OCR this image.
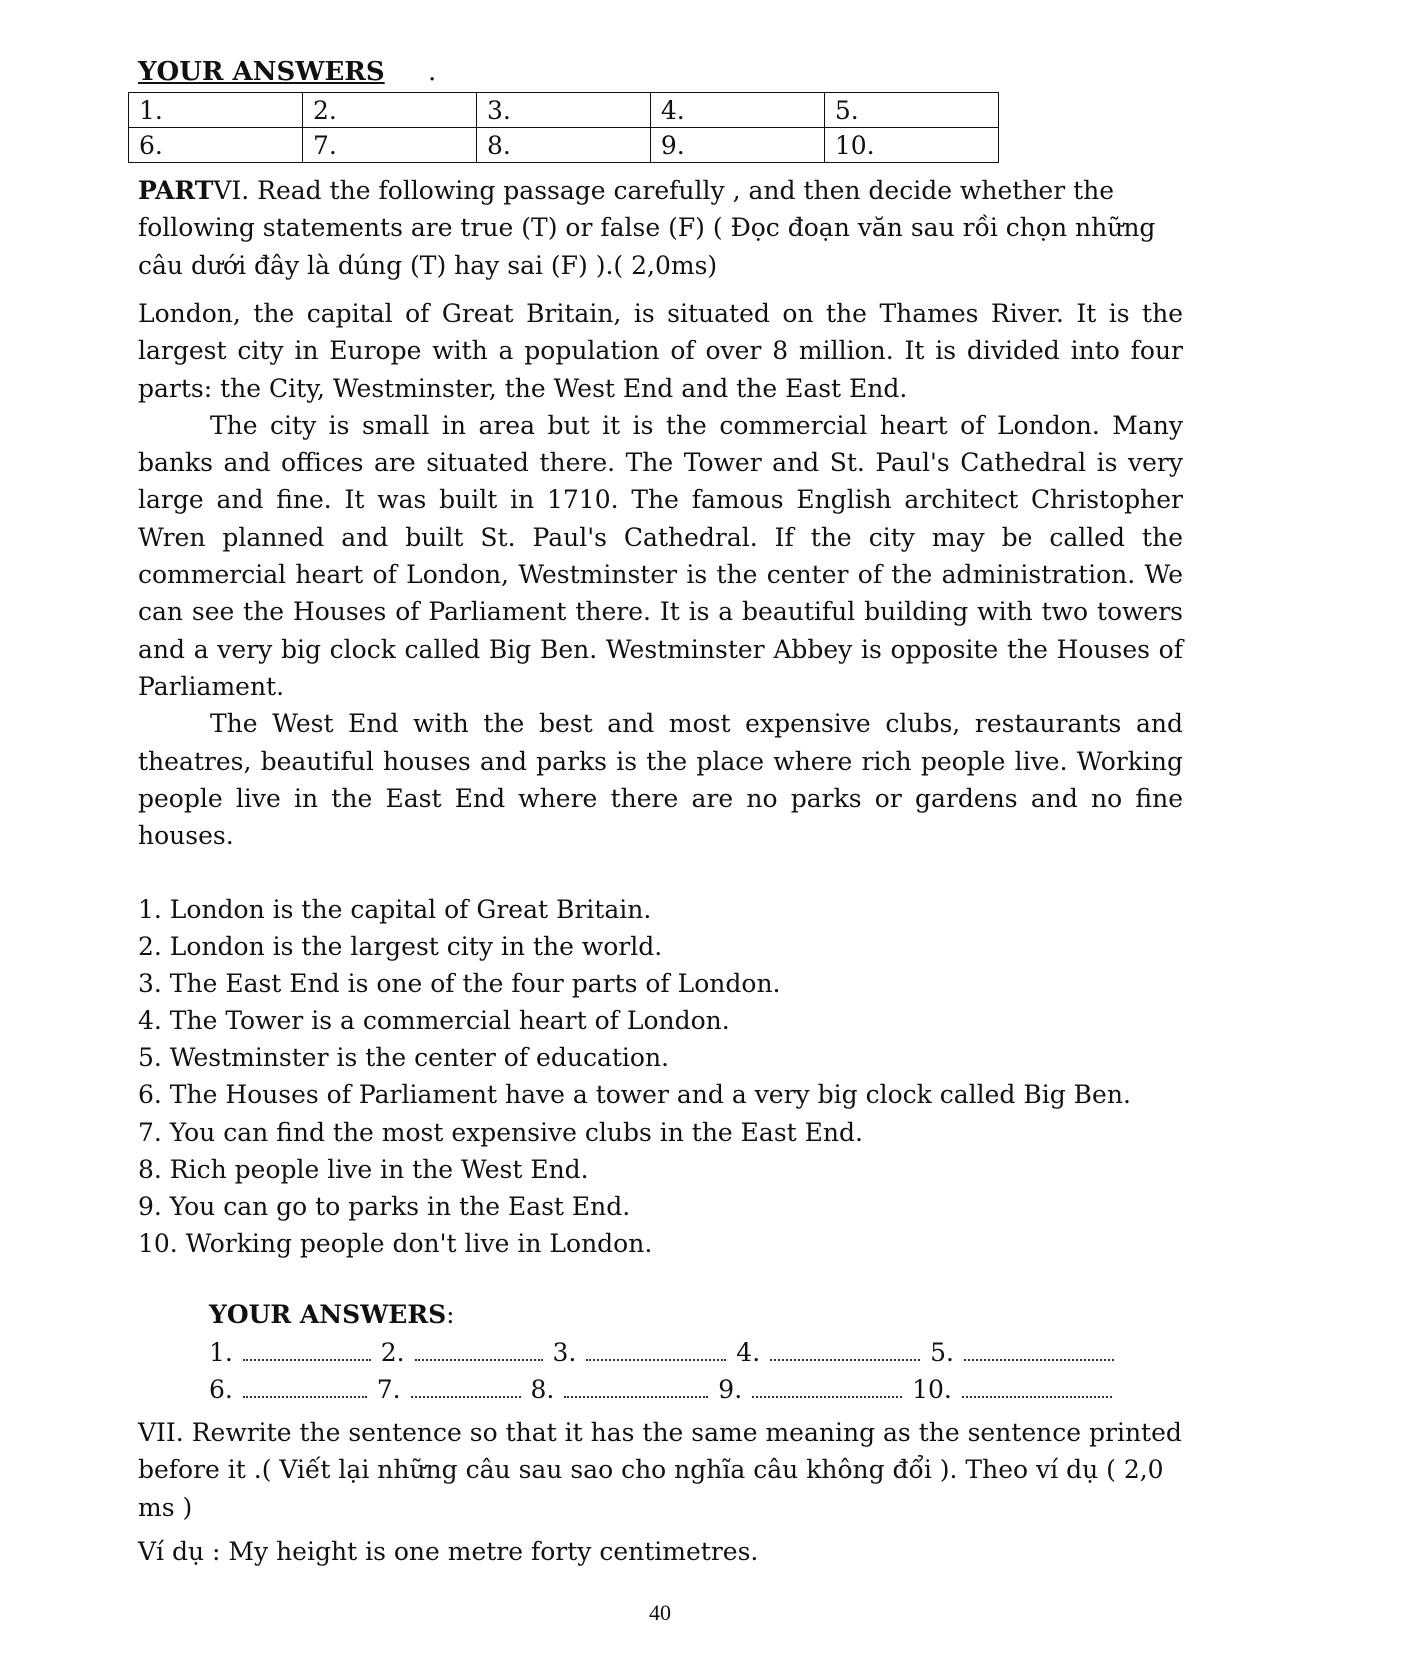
YOUR ANSWERS .
1.	2.	3.	4.	5.
6.	7.	8.	9.	10.
PARTVI. Read the following passage carefully , and then decide whether the following statements are true (T) or false (F) ( Đọc đoạn văn sau rồi chọn những câu dưới đây là dúng (T) hay sai (F) ).( 2,0ms)

London, the capital of Great Britain, is situated on the Thames River. It is the largest city in Europe with a population of over 8 million. It is divided into four parts: the City, Westminster, the West End and the East End.

The city is small in area but it is the commercial heart of London. Many banks and offices are situated there. The Tower and St. Paul's Cathedral is very large and fine. It was built in 1710. The famous English architect Christopher Wren planned and built St. Paul's Cathedral. If the city may be called the commercial heart of London, Westminster is the center of the administration. We can see the Houses of Parliament there. It is a beautiful building with two towers and a very big clock called Big Ben. Westminster Abbey is opposite the Houses of Parliament.

The West End with the best and most expensive clubs, restaurants and theatres, beautiful houses and parks is the place where rich people live. Working people live in the East End where there are no parks or gardens and no fine houses.

1. London is the capital of Great Britain.
2. London is the largest city in the world.
3. The East End is one of the four parts of London.
4. The Tower is a commercial heart of London.
5. Westminster is the center of education.
6. The Houses of Parliament have a tower and a very big clock called Big Ben.
7. You can find the most expensive clubs in the East End.
8. Rich people live in the West End.
9. You can go to parks in the East End.
10. Working people don't live in London.
YOUR ANSWERS:
1.	2.	3.	4.	5.
6.	7.	8.	9.	10.
VII. Rewrite the sentence so that it has the same meaning as the sentence printed before it .( Viết lại những câu sau sao cho nghĩa câu không đổi ). Theo ví dụ ( 2,0 ms )
Ví dụ : My height is one metre forty centimetres.
40
